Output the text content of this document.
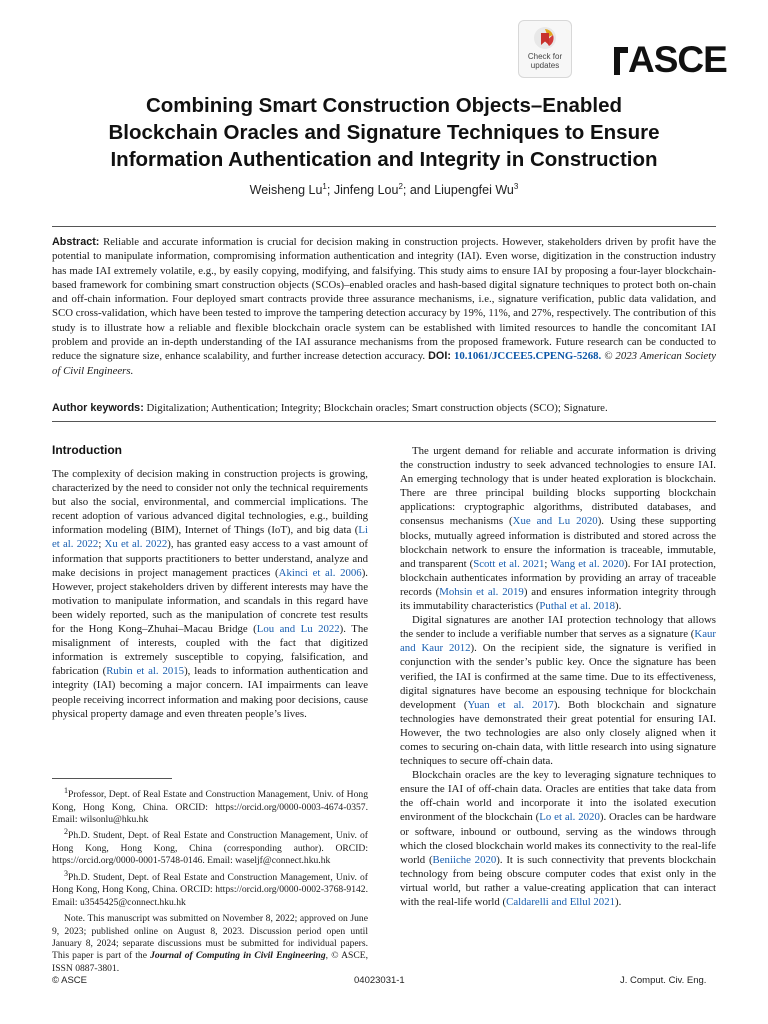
Check for
updates	ASCE
Combining Smart Construction Objects–Enabled
Blockchain Oracles and Signature Techniques to Ensure
Information Authentication and Integrity in Construction
Weisheng Lu$^1$; Jinfeng Lou$^2$; and Liupengfei Wu$^3$
Abstract: Reliable and accurate information is crucial for decision making in construction projects. However, stakeholders driven by profit have the potential to manipulate information, compromising information authentication and integrity (IAI). Even worse, digitization in the construction industry has made IAI extremely volatile, e.g., by easily copying, modifying, and falsifying. This study aims to ensure IAI by proposing a four-layer blockchain-based framework for combining smart construction objects (SCOs)–enabled oracles and hash-based digital signature techniques to protect both on-chain and off-chain information. Four deployed smart contracts provide three assurance mechanisms, i.e., signature verification, public data validation, and SCO cross-validation, which have been tested to improve the tampering detection accuracy by 19%, 11%, and 27%, respectively. The contribution of this study is to illustrate how a reliable and flexible blockchain oracle system can be established with limited resources to handle the concomitant IAI problem and provide an in-depth understanding of the IAI assurance mechanisms from the proposed framework. Future research can be conducted to reduce the signature size, enhance scalability, and further increase detection accuracy. DOI: 10.1061/JCCEE5.CPENG-5268. © 2023 American Society of Civil Engineers.
Author keywords: Digitalization; Authentication; Integrity; Blockchain oracles; Smart construction objects (SCO); Signature.
Introduction

The complexity of decision making in construction projects is growing, characterized by the need to consider not only the technical requirements but also the social, environmental, and commercial implications. The recent adoption of various advanced digital technologies, e.g., building information modeling (BIM), Internet of Things (IoT), and big data (Li et al. 2022; Xu et al. 2022), has granted easy access to a vast amount of information that supports practitioners to better understand, analyze and make decisions in project management practices (Akinci et al. 2006). However, project stakeholders driven by different interests may have the motivation to manipulate information, and scandals in this regard have been widely reported, such as the manipulation of concrete test results for the Hong Kong–Zhuhai–Macau Bridge (Lou and Lu 2022). The misalignment of interests, coupled with the fact that digitized information is extremely susceptible to copying, falsification, and fabrication (Rubin et al. 2015), leads to information authentication and integrity (IAI) becoming a major concern. IAI impairments can leave people receiving incorrect information and making poor decisions, cause physical property damage and even threaten people’s lives.

$^1$Professor, Dept. of Real Estate and Construction Management, Univ. of Hong Kong, Hong Kong, China. ORCID: https://orcid.org/0000-0003-4674-0357. Email: wilsonlu@hku.hk

$^2$Ph.D. Student, Dept. of Real Estate and Construction Management, Univ. of Hong Kong, Hong Kong, China (corresponding author). ORCID: https://orcid.org/0000-0001-5748-0146. Email: waseljf@connect.hku.hk

$^3$Ph.D. Student, Dept. of Real Estate and Construction Management, Univ. of Hong Kong, Hong Kong, China. ORCID: https://orcid.org/0000-0002-3768-9142. Email: u3545425@connect.hku.hk

Note. This manuscript was submitted on November 8, 2022; approved on June 9, 2023; published online on August 8, 2023. Discussion period open until January 8, 2024; separate discussions must be submitted for individual papers. This paper is part of the Journal of Computing in Civil Engineering, © ASCE, ISSN 0887-3801.

The urgent demand for reliable and accurate information is driving the construction industry to seek advanced technologies to ensure IAI. An emerging technology that is under heated exploration is blockchain. There are three principal building blocks supporting blockchain applications: cryptographic algorithms, distributed databases, and consensus mechanisms (Xue and Lu 2020). Using these supporting blocks, mutually agreed information is distributed and stored across the blockchain network to ensure the information is traceable, immutable, and transparent (Scott et al. 2021; Wang et al. 2020). For IAI protection, blockchain authenticates information by providing an array of traceable records (Mohsin et al. 2019) and ensures information integrity through its immutability characteristics (Puthal et al. 2018).

Digital signatures are another IAI protection technology that allows the sender to include a verifiable number that serves as a signature (Kaur and Kaur 2012). On the recipient side, the signature is verified in conjunction with the sender’s public key. Once the signature has been verified, the IAI is confirmed at the same time. Due to its effectiveness, digital signatures have become an espousing technique for blockchain development (Yuan et al. 2017). Both blockchain and signature technologies have demonstrated their great potential for ensuring IAI. However, the two technologies are also only closely aligned when it comes to securing on-chain data, with little research into using signature techniques to secure off-chain data.

Blockchain oracles are the key to leveraging signature techniques to ensure the IAI of off-chain data. Oracles are entities that take data from the off-chain world and incorporate it into the isolated execution environment of the blockchain (Lo et al. 2020). Oracles can be hardware or software, inbound or outbound, serving as the windows through which the closed blockchain world makes its connectivity to the real-life world (Beniiche 2020). It is such connectivity that prevents blockchain technology from being obscure computer codes that exist only in the virtual world, but rather a value-creating application that can interact with the real-life world (Caldarelli and Ellul 2021).

© ASCE	04023031-1	J. Comput. Civ. Eng.
